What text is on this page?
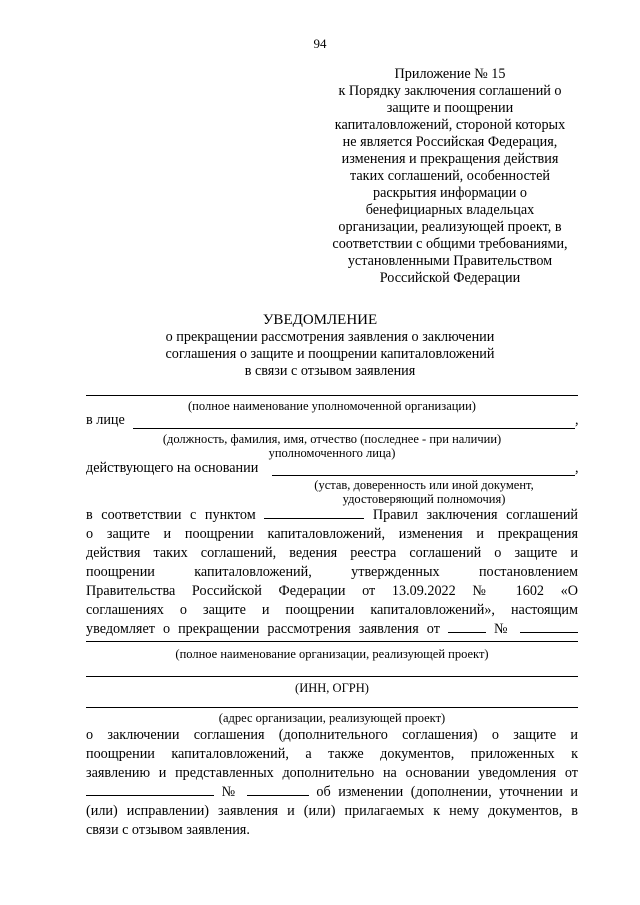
94
Приложение № 15
к Порядку заключения соглашений о
защите и поощрении
капиталовложений, стороной которых
не является Российская Федерация,
изменения и прекращения действия
таких соглашений, особенностей
раскрытия информации о
бенефициарных владельцах
организации, реализующей проект, в
соответствии с общими требованиями,
установленными Правительством
Российской Федерации
УВЕДОМЛЕНИЕ
о прекращении рассмотрения заявления о заключении
соглашения о защите и поощрении капиталовложений
в связи с отзывом заявления
(полное наименование уполномоченной организации)
в лице	,
(должность, фамилия, имя, отчество (последнее - при наличии)
уполномоченного лица)
действующего на основании	,
(устав, доверенность или иной документ,
удостоверяющий полномочия)
в соответствии с пунктом	Правил заключения соглашений
о защите и поощрении капиталовложений, изменения и прекращения
действия таких соглашений, ведения реестра соглашений о защите и
поощрении капиталовложений, утвержденных постановлением
Правительства Российской Федерации от 13.09.2022 № 1602 «О
соглашениях о защите и поощрении капиталовложений», настоящим
уведомляет о прекращении рассмотрения заявления от	№
(полное наименование организации, реализующей проект)
(ИНН, ОГРН)
(адрес организации, реализующей проект)
о заключении соглашения (дополнительного соглашения) о защите и
поощрении капиталовложений, а также документов, приложенных к
заявлению и представленных дополнительно на основании уведомления от
№	об изменении (дополнении, уточнении и
(или) исправлении) заявления и (или) прилагаемых к нему документов, в
связи с отзывом заявления.
